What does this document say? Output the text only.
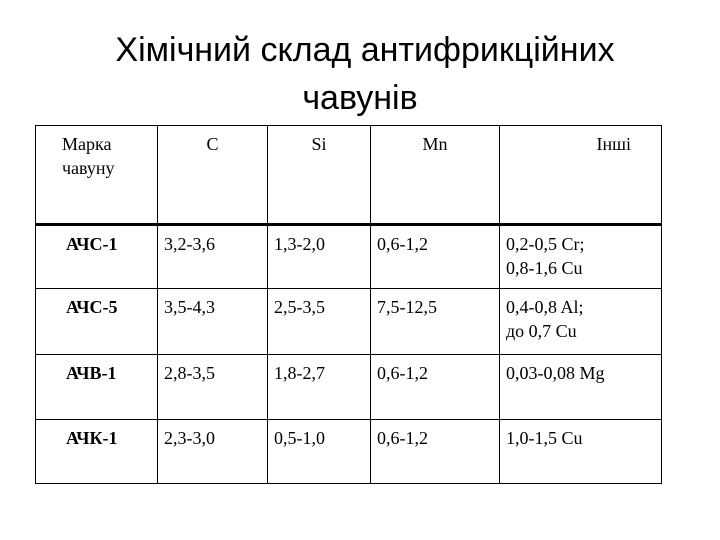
Хімічний склад антифрикційних
чавунів
Марка
чавуну	C	Si	Mn	Інші
АЧС-1	3,2-3,6	1,3-2,0	0,6-1,2	0,2-0,5 Cr;
0,8-1,6 Cu

АЧС-5	3,5-4,3	2,5-3,5	7,5-12,5	0,4-0,8 Al;
до 0,7 Cu

АЧВ-1	2,8-3,5	1,8-2,7	0,6-1,2	0,03-0,08 Mg

АЧК-1	2,3-3,0	0,5-1,0	0,6-1,2	1,0-1,5 Cu
